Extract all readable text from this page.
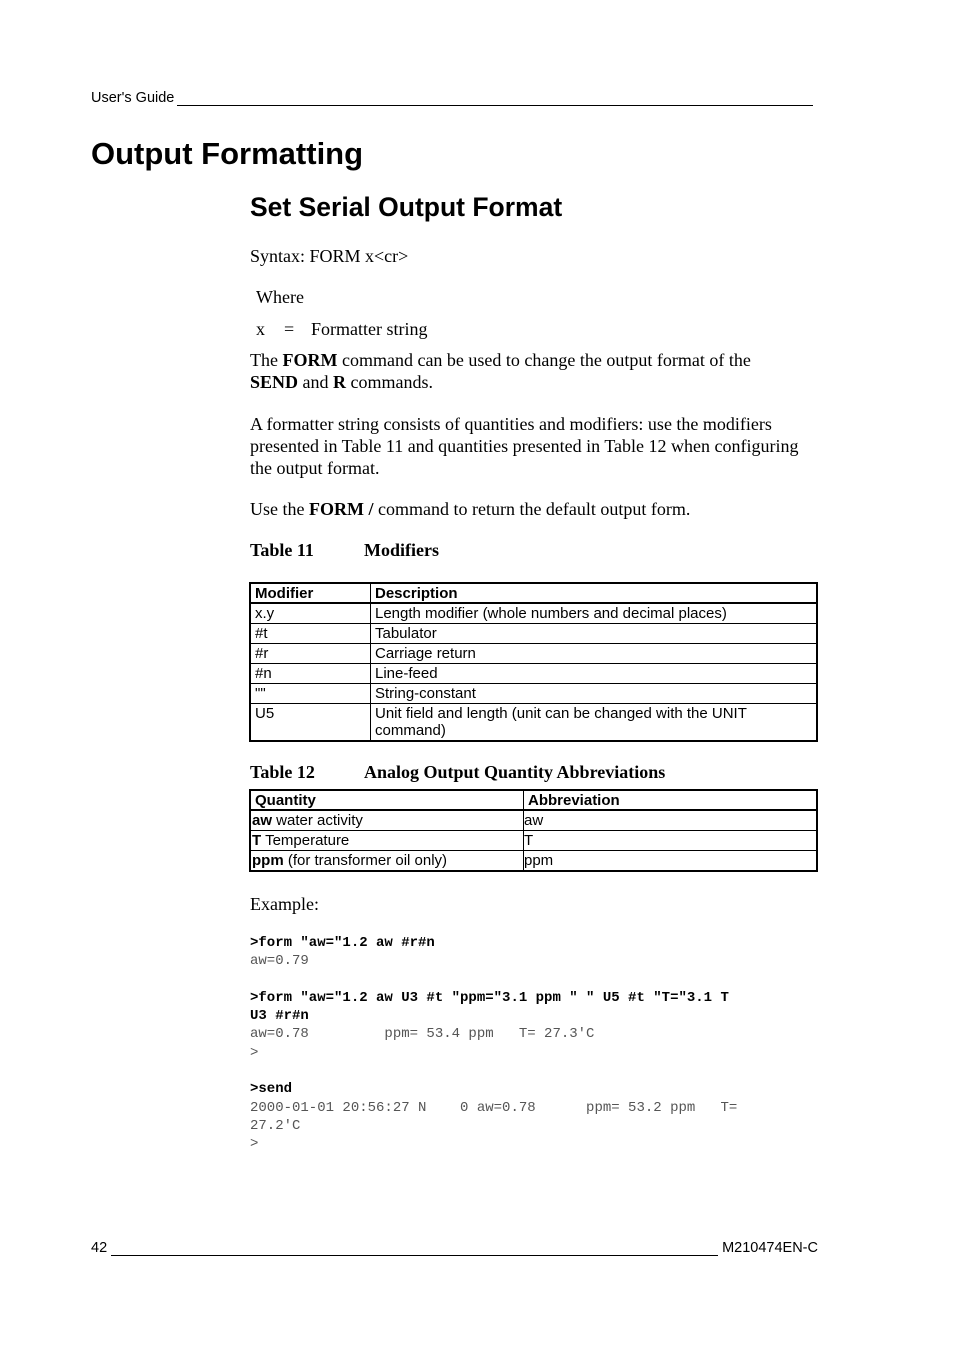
User's Guide
Output Formatting
Set Serial Output Format

Syntax: FORM x<cr>

Where

x	= Formatter string

The FORM command can be used to change the output format of the
SEND and R commands.

A formatter string consists of quantities and modifiers: use the modifiers presented in Table 11 and quantities presented in Table 12 when configuring the output format.

Use the FORM / command to return the default output form.

Table 11	Modifiers
Modifier	Description
x.y	Length modifier (whole numbers and decimal places)
#t	Tabulator
#r	Carriage return
#n	Line-feed
""	String-constant
U5	Unit field and length (unit can be changed with the UNIT command)
Table 12	Analog Output Quantity Abbreviations
Quantity	Abbreviation
aw water activity	aw
T Temperature	T
ppm (for transformer oil only)	ppm

Example:

>form "aw="1.2 aw #r#n
aw=0.79

>form "aw="1.2 aw U3 #t "ppm="3.1 ppm " " U5 #t "T="3.1 T
U3 #r#n
aw=0.78         ppm= 53.4 ppm   T= 27.3'C
>

>send
2000-01-01 20:56:27 N    0 aw=0.78      ppm= 53.2 ppm   T=
27.2'C
>
42	M210474EN-C
